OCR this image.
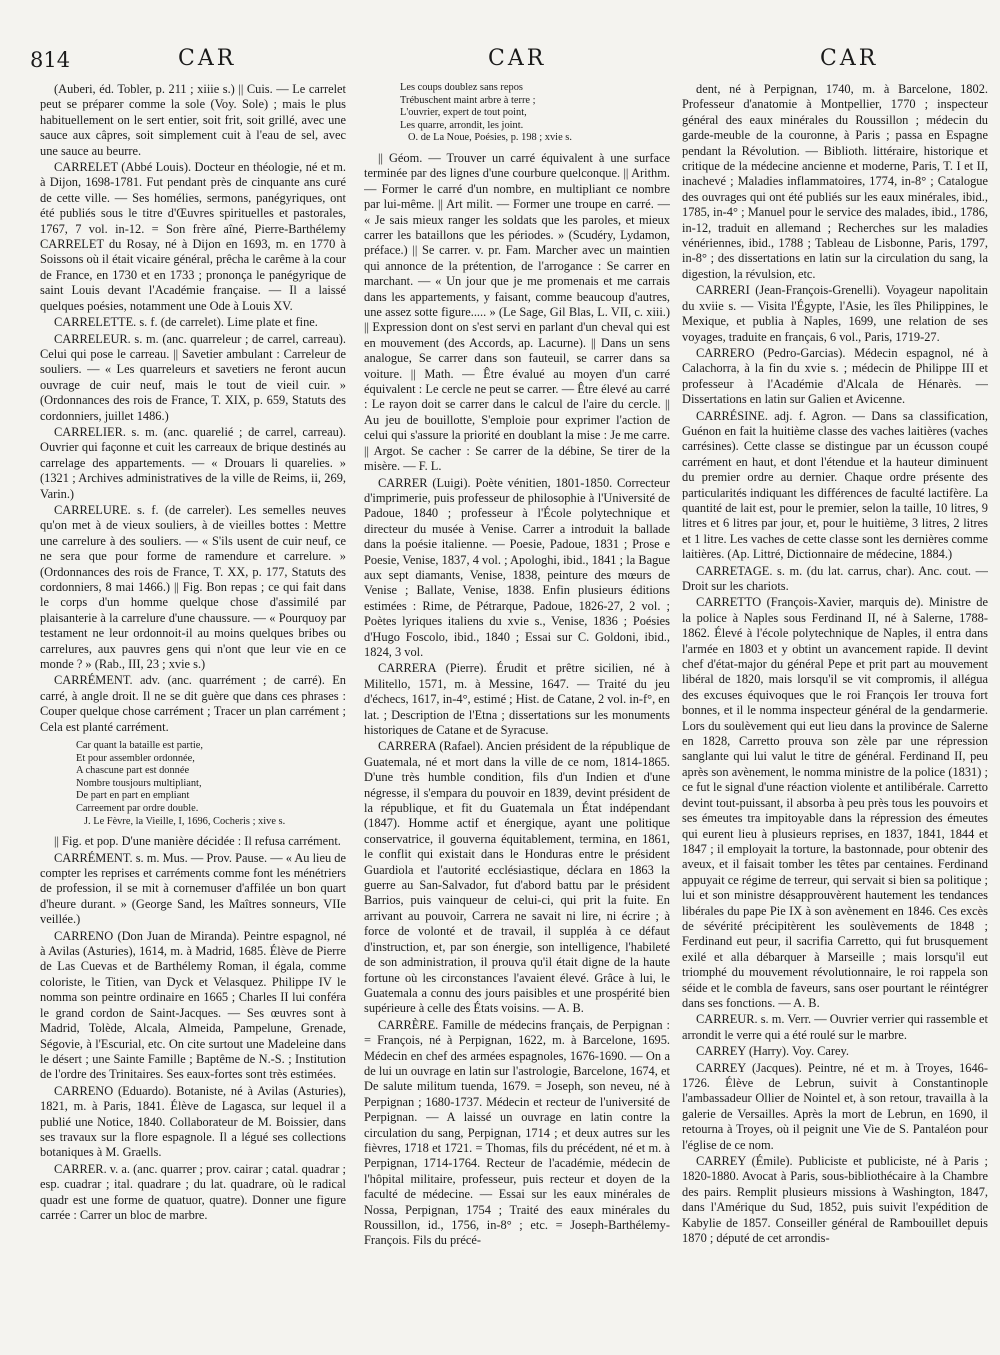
814	CAR	CAR	CAR

(Auberi, éd. Tobler, p. 211 ; xiiie s.) || Cuis. — Le carrelet peut se préparer comme la sole (Voy. Sole) ; mais le plus habituellement on le sert entier, soit frit, soit grillé, avec une sauce aux câpres, soit simplement cuit à l'eau de sel, avec une sauce au beurre.

CARRELET (Abbé Louis). Docteur en théologie, né et m. à Dijon, 1698-1781. Fut pendant près de cinquante ans curé de cette ville. — Ses homélies, sermons, panégyriques, ont été publiés sous le titre d'Œuvres spirituelles et pastorales, 1767, 7 vol. in-12. = Son frère aîné, Pierre-Barthélemy CARRELET du Rosay, né à Dijon en 1693, m. en 1770 à Soissons où il était vicaire général, prêcha le carême à la cour de France, en 1730 et en 1733 ; prononça le panégyrique de saint Louis devant l'Académie française. — Il a laissé quelques poésies, notamment une Ode à Louis XV.

CARRELETTE. s. f. (de carrelet). Lime plate et fine.

CARRELEUR. s. m. (anc. quarreleur ; de carrel, carreau). Celui qui pose le carreau. || Savetier ambulant : Carreleur de souliers. — « Les quarreleurs et savetiers ne feront aucun ouvrage de cuir neuf, mais le tout de vieil cuir. » (Ordonnances des rois de France, T. XIX, p. 659, Statuts des cordonniers, juillet 1486.)

CARRELIER. s. m. (anc. quarelié ; de carrel, carreau). Ouvrier qui façonne et cuit les carreaux de brique destinés au carrelage des appartements. — « Drouars li quarelies. » (1321 ; Archives administratives de la ville de Reims, ii, 269, Varin.)

CARRELURE. s. f. (de carreler). Les semelles neuves qu'on met à de vieux souliers, à de vieilles bottes : Mettre une carrelure à des souliers. — « S'ils usent de cuir neuf, ce ne sera que pour forme de ramendure et carrelure. » (Ordonnances des rois de France, T. XX, p. 177, Statuts des cordonniers, 8 mai 1466.) || Fig. Bon repas ; ce qui fait dans le corps d'un homme quelque chose d'assimilé par plaisanterie à la carrelure d'une chaussure. — « Pourquoy par testament ne leur ordonnoit-il au moins quelques bribes ou carrelures, aux pauvres gens qui n'ont que leur vie en ce monde ? » (Rab., III, 23 ; xvie s.)

CARRÉMENT. adv. (anc. quarrément ; de carré). En carré, à angle droit. Il ne se dit guère que dans ces phrases : Couper quelque chose carrément ; Tracer un plan carrément ; Cela est planté carrément.

Car quant la bataille est partie,
Et pour assembler ordonnée,
A chascune part est donnée
Nombre tousjours multipliant,
De part en part en empliant
Carreement par ordre double.
J. Le Fèvre, la Vieille, I, 1696, Cocheris ; xive s.

|| Fig. et pop. D'une manière décidée : Il refusa carrément.

CARRÉMENT. s. m. Mus. — Prov. Pause. — « Au lieu de compter les reprises et carréments comme font les ménétriers de profession, il se mit à cornemuser d'affilée un bon quart d'heure durant. » (George Sand, les Maîtres sonneurs, VIIe veillée.)

CARRENO (Don Juan de Miranda). Peintre espagnol, né à Avilas (Asturies), 1614, m. à Madrid, 1685. Élève de Pierre de Las Cuevas et de Barthélemy Roman, il égala, comme coloriste, le Titien, van Dyck et Velasquez. Philippe IV le nomma son peintre ordinaire en 1665 ; Charles II lui conféra le grand cordon de Saint-Jacques. — Ses œuvres sont à Madrid, Tolède, Alcala, Almeida, Pampelune, Grenade, Ségovie, à l'Escurial, etc. On cite surtout une Madeleine dans le désert ; une Sainte Famille ; Baptême de N.-S. ; Institution de l'ordre des Trinitaires. Ses eaux-fortes sont très estimées.

CARRENO (Eduardo). Botaniste, né à Avilas (Asturies), 1821, m. à Paris, 1841. Élève de Lagasca, sur lequel il a publié une Notice, 1840. Collaborateur de M. Boissier, dans ses travaux sur la flore espagnole. Il a légué ses collections botaniques à M. Graells.

CARRER. v. a. (anc. quarrer ; prov. cairar ; catal. quadrar ; esp. cuadrar ; ital. quadrare ; du lat. quadrare, où le radical quadr est une forme de quatuor, quatre). Donner une figure carrée : Carrer un bloc de marbre.

Les coups doublez sans repos
Trébuschent maint arbre à terre ;
L'ouvrier, expert de tout point,
Les quarre, arrondit, les joint.
O. de La Noue, Poésies, p. 198 ; xvie s.

|| Géom. — Trouver un carré équivalent à une surface terminée par des lignes d'une courbure quelconque. || Arithm. — Former le carré d'un nombre, en multipliant ce nombre par lui-même. || Art milit. — Former une troupe en carré. — « Je sais mieux ranger les soldats que les paroles, et mieux carrer les bataillons que les périodes. » (Scudéry, Lydamon, préface.) || Se carrer. v. pr. Fam. Marcher avec un maintien qui annonce de la prétention, de l'arrogance : Se carrer en marchant. — « Un jour que je me promenais et me carrais dans les appartements, y faisant, comme beaucoup d'autres, une assez sotte figure..... » (Le Sage, Gil Blas, L. VII, c. xiii.) || Expression dont on s'est servi en parlant d'un cheval qui est en mouvement (des Accords, ap. Lacurne). || Dans un sens analogue, Se carrer dans son fauteuil, se carrer dans sa voiture. || Math. — Être évalué au moyen d'un carré équivalent : Le cercle ne peut se carrer. — Être élevé au carré : Le rayon doit se carrer dans le calcul de l'aire du cercle. || Au jeu de bouillotte, S'emploie pour exprimer l'action de celui qui s'assure la priorité en doublant la mise : Je me carre. || Argot. Se cacher : Se carrer de la débine, Se tirer de la misère. — F. L.

CARRER (Luigi). Poète vénitien, 1801-1850. Correcteur d'imprimerie, puis professeur de philosophie à l'Université de Padoue, 1840 ; professeur à l'École polytechnique et directeur du musée à Venise. Carrer a introduit la ballade dans la poésie italienne. — Poesie, Padoue, 1831 ; Prose e Poesie, Venise, 1837, 4 vol. ; Apologhi, ibid., 1841 ; la Bague aux sept diamants, Venise, 1838, peinture des mœurs de Venise ; Ballate, Venise, 1838. Enfin plusieurs éditions estimées : Rime, de Pétrarque, Padoue, 1826-27, 2 vol. ; Poètes lyriques italiens du xvie s., Venise, 1836 ; Poésies d'Hugo Foscolo, ibid., 1840 ; Essai sur C. Goldoni, ibid., 1824, 3 vol.

CARRERA (Pierre). Érudit et prêtre sicilien, né à Militello, 1571, m. à Messine, 1647. — Traité du jeu d'échecs, 1617, in-4°, estimé ; Hist. de Catane, 2 vol. in-f°, en lat. ; Description de l'Etna ; dissertations sur les monuments historiques de Catane et de Syracuse.

CARRERA (Rafael). Ancien président de la république de Guatemala, né et mort dans la ville de ce nom, 1814-1865. D'une très humble condition, fils d'un Indien et d'une négresse, il s'empara du pouvoir en 1839, devint président de la république, et fit du Guatemala un État indépendant (1847). Homme actif et énergique, ayant une politique conservatrice, il gouverna équitablement, termina, en 1861, le conflit qui existait dans le Honduras entre le président Guardiola et l'autorité ecclésiastique, déclara en 1863 la guerre au San-Salvador, fut d'abord battu par le président Barrios, puis vainqueur de celui-ci, qui prit la fuite. En arrivant au pouvoir, Carrera ne savait ni lire, ni écrire ; à force de volonté et de travail, il suppléa à ce défaut d'instruction, et, par son énergie, son intelligence, l'habileté de son administration, il prouva qu'il était digne de la haute fortune où les circonstances l'avaient élevé. Grâce à lui, le Guatemala a connu des jours paisibles et une prospérité bien supérieure à celle des États voisins. — A. B.

CARRÈRE. Famille de médecins français, de Perpignan : = François, né à Perpignan, 1622, m. à Barcelone, 1695. Médecin en chef des armées espagnoles, 1676-1690. — On a de lui un ouvrage en latin sur l'astrologie, Barcelone, 1674, et De salute militum tuenda, 1679. = Joseph, son neveu, né à Perpignan ; 1680-1737. Médecin et recteur de l'université de Perpignan. — A laissé un ouvrage en latin contre la circulation du sang, Perpignan, 1714 ; et deux autres sur les fièvres, 1718 et 1721. = Thomas, fils du précédent, né et m. à Perpignan, 1714-1764. Recteur de l'académie, médecin de l'hôpital militaire, professeur, puis recteur et doyen de la faculté de médecine. — Essai sur les eaux minérales de Nossa, Perpignan, 1754 ; Traité des eaux minérales du Roussillon, id., 1756, in-8° ; etc. = Joseph-Barthélemy-François. Fils du précé-

dent, né à Perpignan, 1740, m. à Barcelone, 1802. Professeur d'anatomie à Montpellier, 1770 ; inspecteur général des eaux minérales du Roussillon ; médecin du garde-meuble de la couronne, à Paris ; passa en Espagne pendant la Révolution. — Biblioth. littéraire, historique et critique de la médecine ancienne et moderne, Paris, T. I et II, inachevé ; Maladies inflammatoires, 1774, in-8° ; Catalogue des ouvrages qui ont été publiés sur les eaux minérales, ibid., 1785, in-4° ; Manuel pour le service des malades, ibid., 1786, in-12, traduit en allemand ; Recherches sur les maladies vénériennes, ibid., 1788 ; Tableau de Lisbonne, Paris, 1797, in-8° ; des dissertations en latin sur la circulation du sang, la digestion, la révulsion, etc.

CARRERI (Jean-François-Grenelli). Voyageur napolitain du xviie s. — Visita l'Égypte, l'Asie, les îles Philippines, le Mexique, et publia à Naples, 1699, une relation de ses voyages, traduite en français, 6 vol., Paris, 1719-27.

CARRERO (Pedro-Garcias). Médecin espagnol, né à Calachorra, à la fin du xvie s. ; médecin de Philippe III et professeur à l'Académie d'Alcala de Hénarès. — Dissertations en latin sur Galien et Avicenne.

CARRÉSINE. adj. f. Agron. — Dans sa classification, Guénon en fait la huitième classe des vaches laitières (vaches carrésines). Cette classe se distingue par un écusson coupé carrément en haut, et dont l'étendue et la hauteur diminuent du premier ordre au dernier. Chaque ordre présente des particularités indiquant les différences de faculté lactifère. La quantité de lait est, pour le premier, selon la taille, 10 litres, 9 litres et 6 litres par jour, et, pour le huitième, 3 litres, 2 litres et 1 litre. Les vaches de cette classe sont les dernières comme laitières. (Ap. Littré, Dictionnaire de médecine, 1884.)

CARRETAGE. s. m. (du lat. carrus, char). Anc. cout. — Droit sur les chariots.

CARRETTO (François-Xavier, marquis de). Ministre de la police à Naples sous Ferdinand II, né à Salerne, 1788-1862. Élevé à l'école polytechnique de Naples, il entra dans l'armée en 1803 et y obtint un avancement rapide. Il devint chef d'état-major du général Pepe et prit part au mouvement libéral de 1820, mais lorsqu'il se vit compromis, il allégua des excuses équivoques que le roi François Ier trouva fort bonnes, et il le nomma inspecteur général de la gendarmerie. Lors du soulèvement qui eut lieu dans la province de Salerne en 1828, Carretto prouva son zèle par une répression sanglante qui lui valut le titre de général. Ferdinand II, peu après son avènement, le nomma ministre de la police (1831) ; ce fut le signal d'une réaction violente et antilibérale. Carretto devint tout-puissant, il absorba à peu près tous les pouvoirs et ses émeutes tra impitoyable dans la répression des émeutes qui eurent lieu à plusieurs reprises, en 1837, 1841, 1844 et 1847 ; il employait la torture, la bastonnade, pour obtenir des aveux, et il faisait tomber les têtes par centaines. Ferdinand appuyait ce régime de terreur, qui servait si bien sa politique ; lui et son ministre désapprouvèrent hautement les tendances libérales du pape Pie IX à son avènement en 1846. Ces excès de sévérité précipitèrent les soulèvements de 1848 ; Ferdinand eut peur, il sacrifia Carretto, qui fut brusquement exilé et alla débarquer à Marseille ; mais lorsqu'il eut triomphé du mouvement révolutionnaire, le roi rappela son séide et le combla de faveurs, sans oser pourtant le réintégrer dans ses fonctions. — A. B.

CARREUR. s. m. Verr. — Ouvrier verrier qui rassemble et arrondit le verre qui a été roulé sur le marbre.

CARREY (Harry). Voy. Carey.

CARREY (Jacques). Peintre, né et m. à Troyes, 1646-1726. Élève de Lebrun, suivit à Constantinople l'ambassadeur Ollier de Nointel et, à son retour, travailla à la galerie de Versailles. Après la mort de Lebrun, en 1690, il retourna à Troyes, où il peignit une Vie de S. Pantaléon pour l'église de ce nom.

CARREY (Émile). Publiciste et publiciste, né à Paris ; 1820-1880. Avocat à Paris, sous-bibliothécaire à la Chambre des pairs. Remplit plusieurs missions à Washington, 1847, dans l'Amérique du Sud, 1852, puis suivit l'expédition de Kabylie de 1857. Conseiller général de Rambouillet depuis 1870 ; député de cet arrondis-
